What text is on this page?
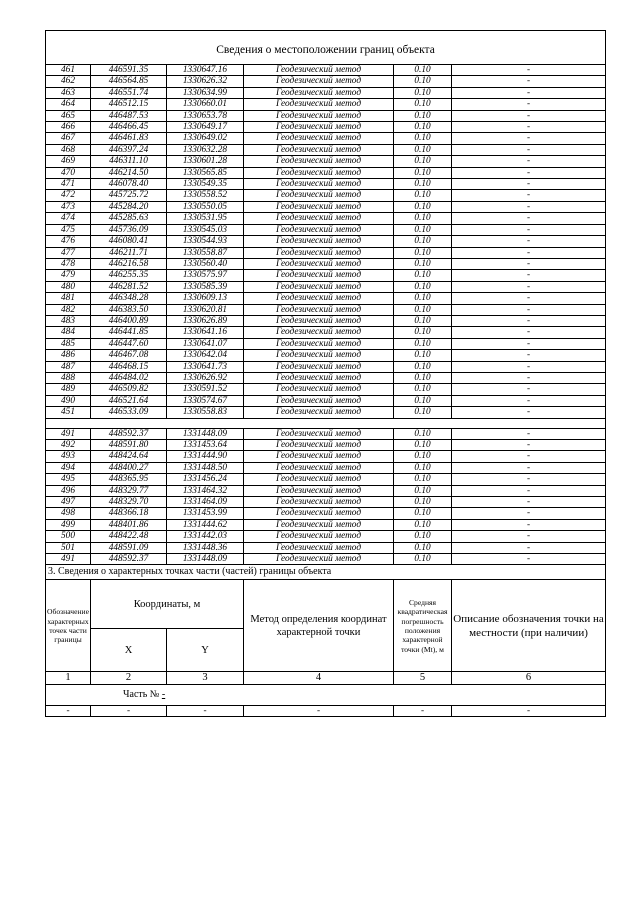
Сведения о местоположении границ объекта					
461	446591.35	1330647.16	Геодезический метод	0.10	-
462	446564.85	1330626.32	Геодезический метод	0.10	-
463	446551.74	1330634.99	Геодезический метод	0.10	-
464	446512.15	1330660.01	Геодезический метод	0.10	-
465	446487.53	1330653.78	Геодезический метод	0.10	-
466	446466.45	1330649.17	Геодезический метод	0.10	-
467	446461.83	1330649.02	Геодезический метод	0.10	-
468	446397.24	1330632.28	Геодезический метод	0.10	-
469	446311.10	1330601.28	Геодезический метод	0.10	-
470	446214.50	1330565.85	Геодезический метод	0.10	-
471	446078.40	1330549.35	Геодезический метод	0.10	-
472	445725.72	1330558.52	Геодезический метод	0.10	-
473	445284.20	1330550.05	Геодезический метод	0.10	-
474	445285.63	1330531.95	Геодезический метод	0.10	-
475	445736.09	1330545.03	Геодезический метод	0.10	-
476	446080.41	1330544.93	Геодезический метод	0.10	-
477	446211.71	1330558.87	Геодезический метод	0.10	-
478	446216.58	1330560.40	Геодезический метод	0.10	-
479	446255.35	1330575.97	Геодезический метод	0.10	-
480	446281.52	1330585.39	Геодезический метод	0.10	-
481	446348.28	1330609.13	Геодезический метод	0.10	-
482	446383.50	1330620.81	Геодезический метод	0.10	-
483	446400.89	1330626.89	Геодезический метод	0.10	-
484	446441.85	1330641.16	Геодезический метод	0.10	-
485	446447.60	1330641.07	Геодезический метод	0.10	-
486	446467.08	1330642.04	Геодезический метод	0.10	-
487	446468.15	1330641.73	Геодезический метод	0.10	-
488	446484.02	1330626.92	Геодезический метод	0.10	-
489	446509.82	1330591.52	Геодезический метод	0.10	-
490	446521.64	1330574.67	Геодезический метод	0.10	-
451	446533.09	1330558.83	Геодезический метод	0.10	-

491	448592.37	1331448.09	Геодезический метод	0.10	-
492	448591.80	1331453.64	Геодезический метод	0.10	-
493	448424.64	1331444.90	Геодезический метод	0.10	-
494	448400.27	1331448.50	Геодезический метод	0.10	-
495	448365.95	1331456.24	Геодезический метод	0.10	-
496	448329.77	1331464.32	Геодезический метод	0.10	-
497	448329.70	1331464.09	Геодезический метод	0.10	-
498	448366.18	1331453.99	Геодезический метод	0.10	-
499	448401.86	1331444.62	Геодезический метод	0.10	-
500	448422.48	1331442.03	Геодезический метод	0.10	-
501	448591.09	1331448.36	Геодезический метод	0.10	-
491	448592.37	1331448.09	Геодезический метод	0.10	-
3. Сведения о характерных точках части (частей) границы объекта					
Обозначение характерных точек части границы	Координаты, м		Метод определения координат характерной точки	Средняя квадратическая погрешность положения характерной точки (Mt), м	Описание обозначения точки на местности (при наличии)
	X	Y			
1	2	3	4	5	6
Часть № -					
-	-	-	-	-	-
